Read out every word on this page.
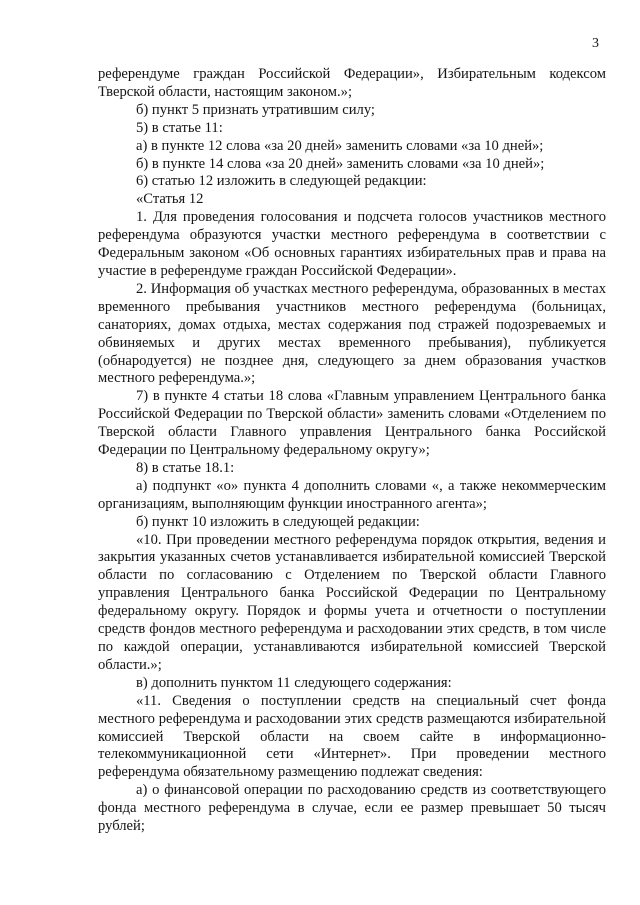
3

референдуме граждан Российской Федерации», Избирательным кодексом Тверской области, настоящим законом.»;

б) пункт 5 признать утратившим силу;

5) в статье 11:

а) в пункте 12 слова «за 20 дней» заменить словами «за 10 дней»;

б) в пункте 14 слова «за 20 дней» заменить словами «за 10 дней»;

6) статью 12 изложить в следующей редакции:

«Статья 12

1. Для проведения голосования и подсчета голосов участников местного референдума образуются участки местного референдума в соответствии с Федеральным законом «Об основных гарантиях избирательных прав и права на участие в референдуме граждан Российской Федерации».

2. Информация об участках местного референдума, образованных в местах временного пребывания участников местного референдума (больницах, санаториях, домах отдыха, местах содержания под стражей подозреваемых и обвиняемых и других местах временного пребывания), публикуется (обнародуется) не позднее дня, следующего за днем образования участков местного референдума.»;

7) в пункте 4 статьи 18 слова «Главным управлением Центрального банка Российской Федерации по Тверской области» заменить словами «Отделением по Тверской области Главного управления Центрального банка Российской Федерации по Центральному федеральному округу»;

8) в статье 18.1:

а) подпункт «о» пункта 4 дополнить словами «, а также некоммерческим организациям, выполняющим функции иностранного агента»;

б) пункт 10 изложить в следующей редакции:

«10. При проведении местного референдума порядок открытия, ведения и закрытия указанных счетов устанавливается избирательной комиссией Тверской области по согласованию с Отделением по Тверской области Главного управления Центрального банка Российской Федерации по Центральному федеральному округу. Порядок и формы учета и отчетности о поступлении средств фондов местного референдума и расходовании этих средств, в том числе по каждой операции, устанавливаются избирательной комиссией Тверской области.»;

в) дополнить пунктом 11 следующего содержания:

«11. Сведения о поступлении средств на специальный счет фонда местного референдума и расходовании этих средств размещаются избирательной комиссией Тверской области на своем сайте в информационно-телекоммуникационной сети «Интернет». При проведении местного референдума обязательному размещению подлежат сведения:

а) о финансовой операции по расходованию средств из соответствующего фонда местного референдума в случае, если ее размер превышает 50 тысяч рублей;
